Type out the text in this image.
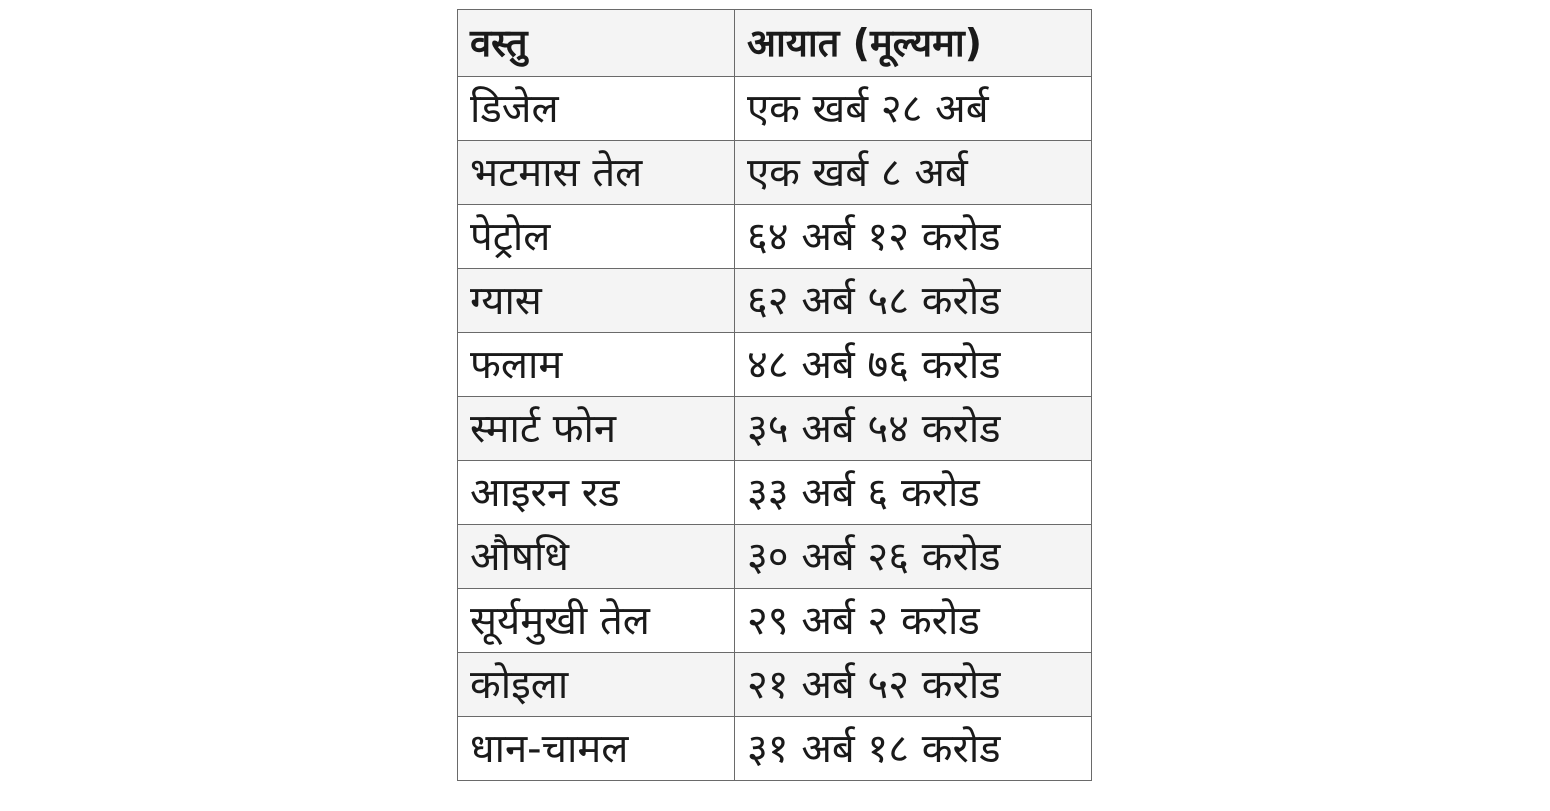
वस्तु	आयात (मूल्यमा)
डिजेल	एक खर्ब २८ अर्ब
भटमास तेल	एक खर्ब ८ अर्ब
पेट्रोल	६४ अर्ब १२ करोड
ग्यास	६२ अर्ब ५८ करोड
फलाम	४८ अर्ब ७६ करोड
स्मार्ट फोन	३५ अर्ब ५४ करोड
आइरन रड	३३ अर्ब ६ करोड
औषधि	३० अर्ब २६ करोड
सूर्यमुखी तेल	२९ अर्ब २ करोड
कोइला	२१ अर्ब ५२ करोड
धान-चामल	३१ अर्ब १८ करोड
